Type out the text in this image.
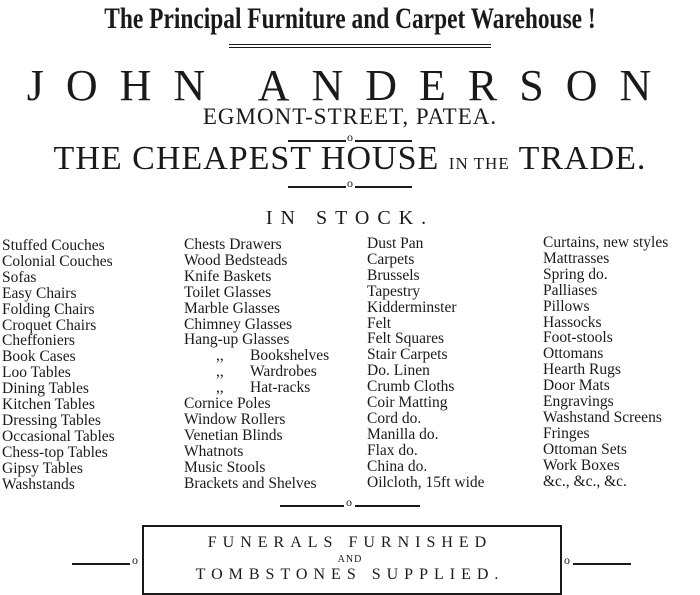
The Principal Furniture and Carpet Warehouse !
JOHN ANDERSON
EGMONT-STREET, PATEA.
o
THE CHEAPEST HOUSE IN THE TRADE.
o
IN STOCK.
Stuffed Couches
Colonial Couches
Sofas
Easy Chairs
Folding Chairs
Croquet Chairs
Cheffoniers
Book Cases
Loo Tables
Dining Tables
Kitchen Tables
Dressing Tables
Occasional Tables
Chess-top Tables
Gipsy Tables
Washstands
Chests Drawers
Wood Bedsteads
Knife Baskets
Toilet Glasses
Marble Glasses
Chimney Glasses
Hang-up Glasses
,, Bookshelves
,, Wardrobes
,, Hat-racks
Cornice Poles
Window Rollers
Venetian Blinds
Whatnots
Music Stools
Brackets and Shelves
Dust Pan
Carpets
Brussels
Tapestry
Kidderminster
Felt
Felt Squares
Stair Carpets
Do. Linen
Crumb Cloths
Coir Matting
Cord do.
Manilla do.
Flax do.
China do.
Oilcloth, 15ft wide
Curtains, new styles
Mattrasses
Spring do.
Palliases
Pillows
Hassocks
Foot-stools
Ottomans
Hearth Rugs
Door Mats
Engravings
Washstand Screens
Fringes
Ottoman Sets
Work Boxes
&c., &c., &c.
o
o	o
FUNERALS FURNISHED
AND
TOMBSTONES SUPPLIED.
